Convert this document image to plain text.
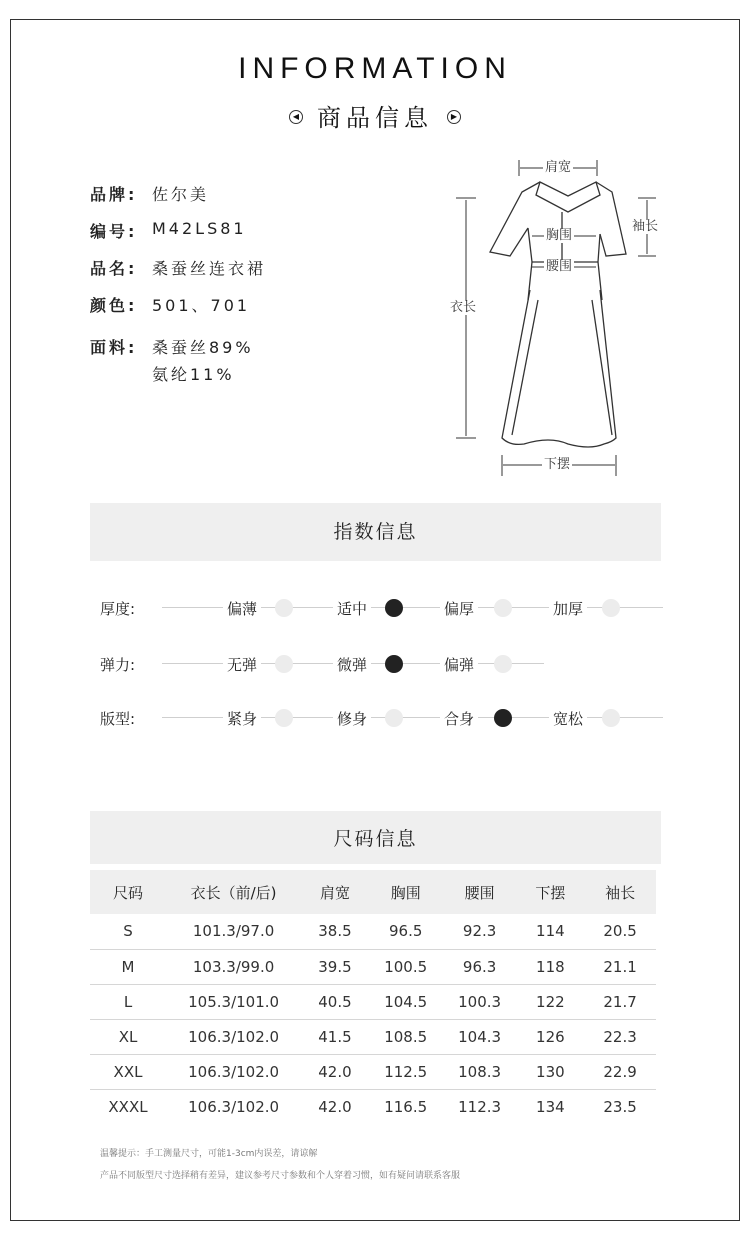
INFORMATION
◀ 商品信息 ▶
品牌: 佐尔美
编号: M42LS81
品名: 桑蚕丝连衣裙
颜色: 501、701
面料: 桑蚕丝89%
氨纶11%
肩宽
袖长
胸围
腰围
衣长
下摆
指数信息
厚度:	偏薄	适中	偏厚	加厚
弹力:	无弹	微弹	偏弹
版型:	紧身	修身	合身	宽松
尺码信息
尺码	衣长（前/后)	肩宽	胸围	腰围	下摆	袖长
S	101.3/97.0	38.5	96.5	92.3	114	20.5
M	103.3/99.0	39.5	100.5	96.3	118	21.1
L	105.3/101.0	40.5	104.5	100.3	122	21.7
XL	106.3/102.0	41.5	108.5	104.3	126	22.3
XXL	106.3/102.0	42.0	112.5	108.3	130	22.9
XXXL	106.3/102.0	42.0	116.5	112.3	134	23.5
温馨提示：手工测量尺寸，可能1-3cm内误差，请谅解
产品不同版型尺寸选择稍有差异，建议参考尺寸参数和个人穿着习惯，如有疑问请联系客服
